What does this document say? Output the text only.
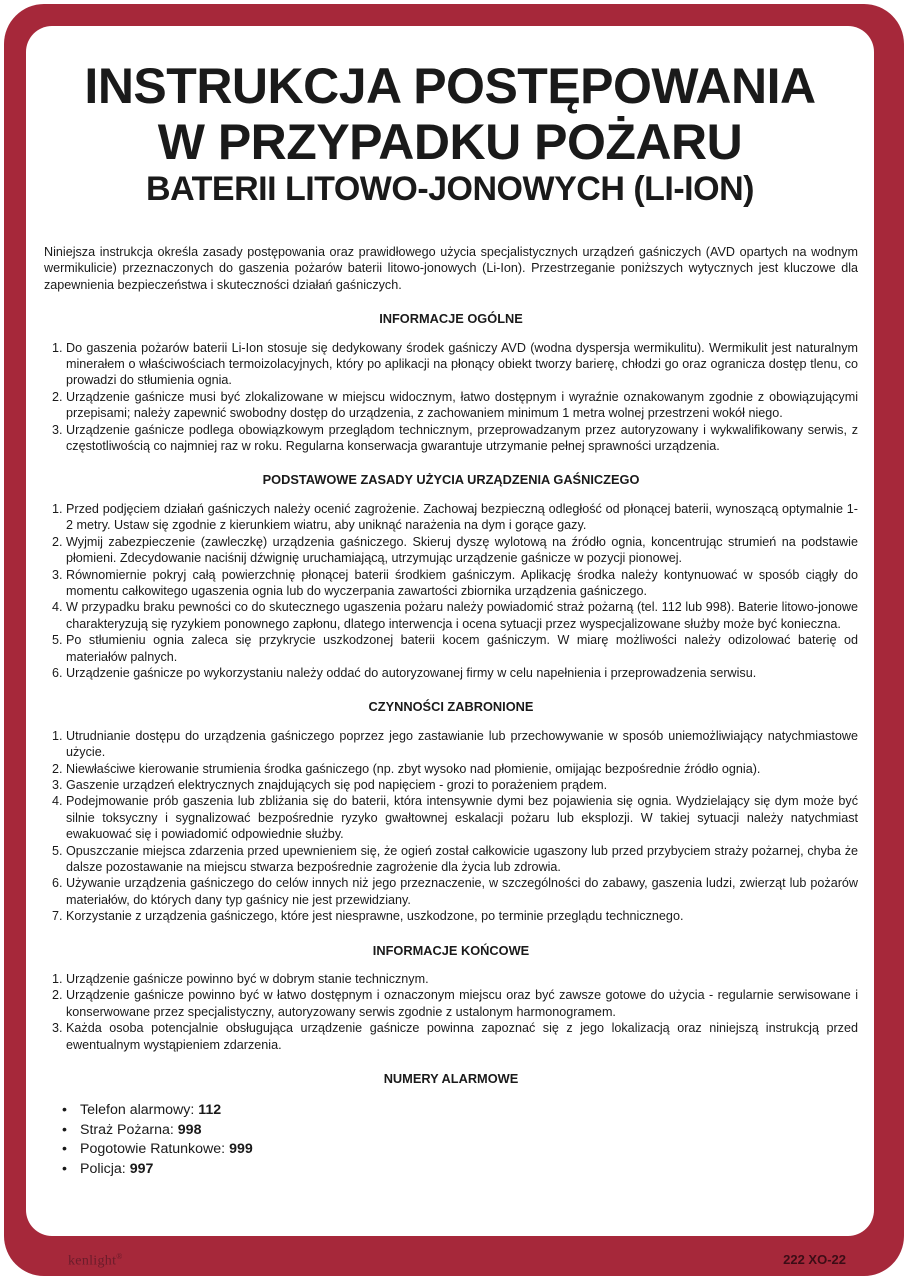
INSTRUKCJA POSTĘPOWANIA

W PRZYPADKU POŻARU

BATERII LITOWO-JONOWYCH (LI-ION)

Niniejsza instrukcja określa zasady postępowania oraz prawidłowego użycia specjalistycznych urządzeń gaśniczych (AVD opartych na wodnym wermikulicie) przeznaczonych do gaszenia pożarów baterii litowo-jonowych (Li-Ion). Przestrzeganie poniższych wytycznych jest kluczowe dla zapewnienia bezpieczeństwa i skuteczności działań gaśniczych.

INFORMACJE OGÓLNE
1. Do gaszenia pożarów baterii Li-Ion stosuje się dedykowany środek gaśniczy AVD (wodna dyspersja wermikulitu). Wermikulit jest naturalnym minerałem o właściwościach termoizolacyjnych, który po aplikacji na płonący obiekt tworzy barierę, chłodzi go oraz ogranicza dostęp tlenu, co prowadzi do stłumienia ognia.
2. Urządzenie gaśnicze musi być zlokalizowane w miejscu widocznym, łatwo dostępnym i wyraźnie oznakowanym zgodnie z obowiązującymi przepisami; należy zapewnić swobodny dostęp do urządzenia, z zachowaniem minimum 1 metra wolnej przestrzeni wokół niego.
3. Urządzenie gaśnicze podlega obowiązkowym przeglądom technicznym, przeprowadzanym przez autoryzowany i wykwalifikowany serwis, z częstotliwością co najmniej raz w roku. Regularna konserwacja gwarantuje utrzymanie pełnej sprawności urządzenia.
PODSTAWOWE ZASADY UŻYCIA URZĄDZENIA GAŚNICZEGO
1. Przed podjęciem działań gaśniczych należy ocenić zagrożenie. Zachowaj bezpieczną odległość od płonącej baterii, wynoszącą optymalnie 1-2 metry. Ustaw się zgodnie z kierunkiem wiatru, aby uniknąć narażenia na dym i gorące gazy.
2. Wyjmij zabezpieczenie (zawleczkę) urządzenia gaśniczego. Skieruj dyszę wylotową na źródło ognia, koncentrując strumień na podstawie płomieni. Zdecydowanie naciśnij dźwignię uruchamiającą, utrzymując urządzenie gaśnicze w pozycji pionowej.
3. Równomiernie pokryj całą powierzchnię płonącej baterii środkiem gaśniczym. Aplikację środka należy kontynuować w sposób ciągły do momentu całkowitego ugaszenia ognia lub do wyczerpania zawartości zbiornika urządzenia gaśniczego.
4. W przypadku braku pewności co do skutecznego ugaszenia pożaru należy powiadomić straż pożarną (tel. 112 lub 998). Baterie litowo-jonowe charakteryzują się ryzykiem ponownego zapłonu, dlatego interwencja i ocena sytuacji przez wyspecjalizowane służby może być konieczna.
5. Po stłumieniu ognia zaleca się przykrycie uszkodzonej baterii kocem gaśniczym. W miarę możliwości należy odizolować baterię od materiałów palnych.
6. Urządzenie gaśnicze po wykorzystaniu należy oddać do autoryzowanej firmy w celu napełnienia i przeprowadzenia serwisu.
CZYNNOŚCI ZABRONIONE
1. Utrudnianie dostępu do urządzenia gaśniczego poprzez jego zastawianie lub przechowywanie w sposób uniemożliwiający natychmiastowe użycie.
2. Niewłaściwe kierowanie strumienia środka gaśniczego (np. zbyt wysoko nad płomienie, omijając bezpośrednie źródło ognia).
3. Gaszenie urządzeń elektrycznych znajdujących się pod napięciem - grozi to porażeniem prądem.
4. Podejmowanie prób gaszenia lub zbliżania się do baterii, która intensywnie dymi bez pojawienia się ognia. Wydzielający się dym może być silnie toksyczny i sygnalizować bezpośrednie ryzyko gwałtownej eskalacji pożaru lub eksplozji. W takiej sytuacji należy natychmiast ewakuować się i powiadomić odpowiednie służby.
5. Opuszczanie miejsca zdarzenia przed upewnieniem się, że ogień został całkowicie ugaszony lub przed przybyciem straży pożarnej, chyba że dalsze pozostawanie na miejscu stwarza bezpośrednie zagrożenie dla życia lub zdrowia.
6. Używanie urządzenia gaśniczego do celów innych niż jego przeznaczenie, w szczególności do zabawy, gaszenia ludzi, zwierząt lub pożarów materiałów, do których dany typ gaśnicy nie jest przewidziany.
7. Korzystanie z urządzenia gaśniczego, które jest niesprawne, uszkodzone, po terminie przeglądu technicznego.
INFORMACJE KOŃCOWE
1. Urządzenie gaśnicze powinno być w dobrym stanie technicznym.
2. Urządzenie gaśnicze powinno być w łatwo dostępnym i oznaczonym miejscu oraz być zawsze gotowe do użycia - regularnie serwisowane i konserwowane przez specjalistyczny, autoryzowany serwis zgodnie z ustalonym harmonogramem.
3. Każda osoba potencjalnie obsługująca urządzenie gaśnicze powinna zapoznać się z jego lokalizacją oraz niniejszą instrukcją przed ewentualnym wystąpieniem zdarzenia.
NUMERY ALARMOWE
• Telefon alarmowy: 112
• Straż Pożarna: 998
• Pogotowie Ratunkowe: 999
• Policja: 997
kenlight®	222 XO-22
